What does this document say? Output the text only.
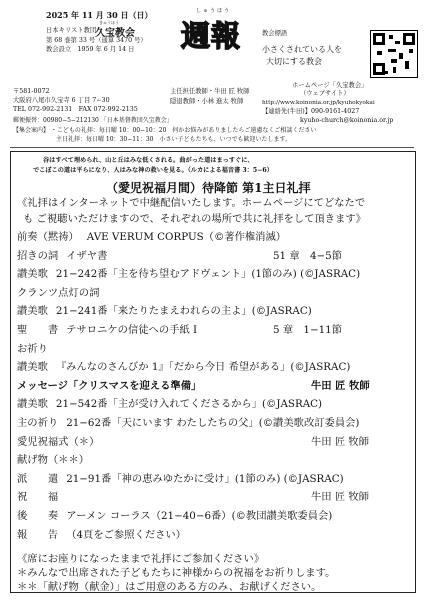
2025 年 11 月 30 日（日）
日本キリスト教団
久宝教会
きゅうほう
第 68 巻第 33 号（通算 3470 号）
教会設立　1959 年 6 月 14 日
しゅうほう
週報	教会標語
小さくされている人を
大切にする教会
〒581-0072
大阪府八尾市久宝寺 6 丁目 7−30
TEL 072-992-2131　FAX 072-992-2135
主任担任教師・牛田 匠 牧師
隠退教師・小林 進太 牧師
ホームページ「久宝教会」
（ウェブサイト）
http://www.koinonia.or.jp/kyuhokyokai
【連絡先(牛田)】090-9161-4027
kyuho-church@koinonia.or.jp
郵便振替：00980−5−212130 「日本基督教団久宝教会」
【集会案内】 ・こどもの礼拝：毎日曜 10：00−10：20　何かお悩みがありましたらご遠慮なくご相談ください
主日礼拝：毎日曜 10：30−11：30　小さい子どもたちも、いつでも歓迎いたします。
谷はすべて埋められ、山と丘はみな低くされる。曲がった道はまっすぐに、
でこぼこの道は平らになり、人はみな神の救いを見る。（ルカによる福音書 3：5−6）
（愛児祝福月間）待降節 第1主日礼拝
《礼拝はインターネットで中継配信いたします。ホームページにてどなたで
も ご視聴いただけますので、それぞれの場所で共に礼拝をして頂きます》
前奏（黙祷） AVE VERUM CORPUS（©著作権消滅）
招きの詞 イザヤ書	51 章　4−5節
讃美歌 21−242番「主を待ち望むアドヴェント」(1節のみ) (©JASRAC)
クランツ点灯の詞
讃美歌 21−241番「来たりたまえわれらの主よ」(©JASRAC)
聖　　書 テサロニケの信徒への手紙 I	5 章　1−11節
お祈り
讃美歌 『みんなのさんびか 1』「だから今日 希望がある」(©JASRAC)
メッセージ「クリスマスを迎える準備」	牛田 匠 牧師
讃美歌 21−542番「主が受け入れてくださるから」(©JASRAC)
主の祈り 21−62番「天にいます わたしたちの父」(©讃美歌改訂委員会)
愛児祝福式（＊）	牛田 匠 牧師
献げ物（＊＊）
派　　遣 21−91番「神の恵みゆたかに受け」(1節のみ) (©JASRAC)
祝　　福	牛田 匠 牧師
後　　奏 アーメン コーラス（21−40−6番）(©教団讃美歌委員会)
報　　告 （4頁をご参照ください）
《席にお座りになったままで礼拝にご参加ください》
＊みんなで出席された子どもたちに神様からの祝福をお祈りします。
＊＊「献げ物（献金）」はご用意のある方のみ、お献げください。
